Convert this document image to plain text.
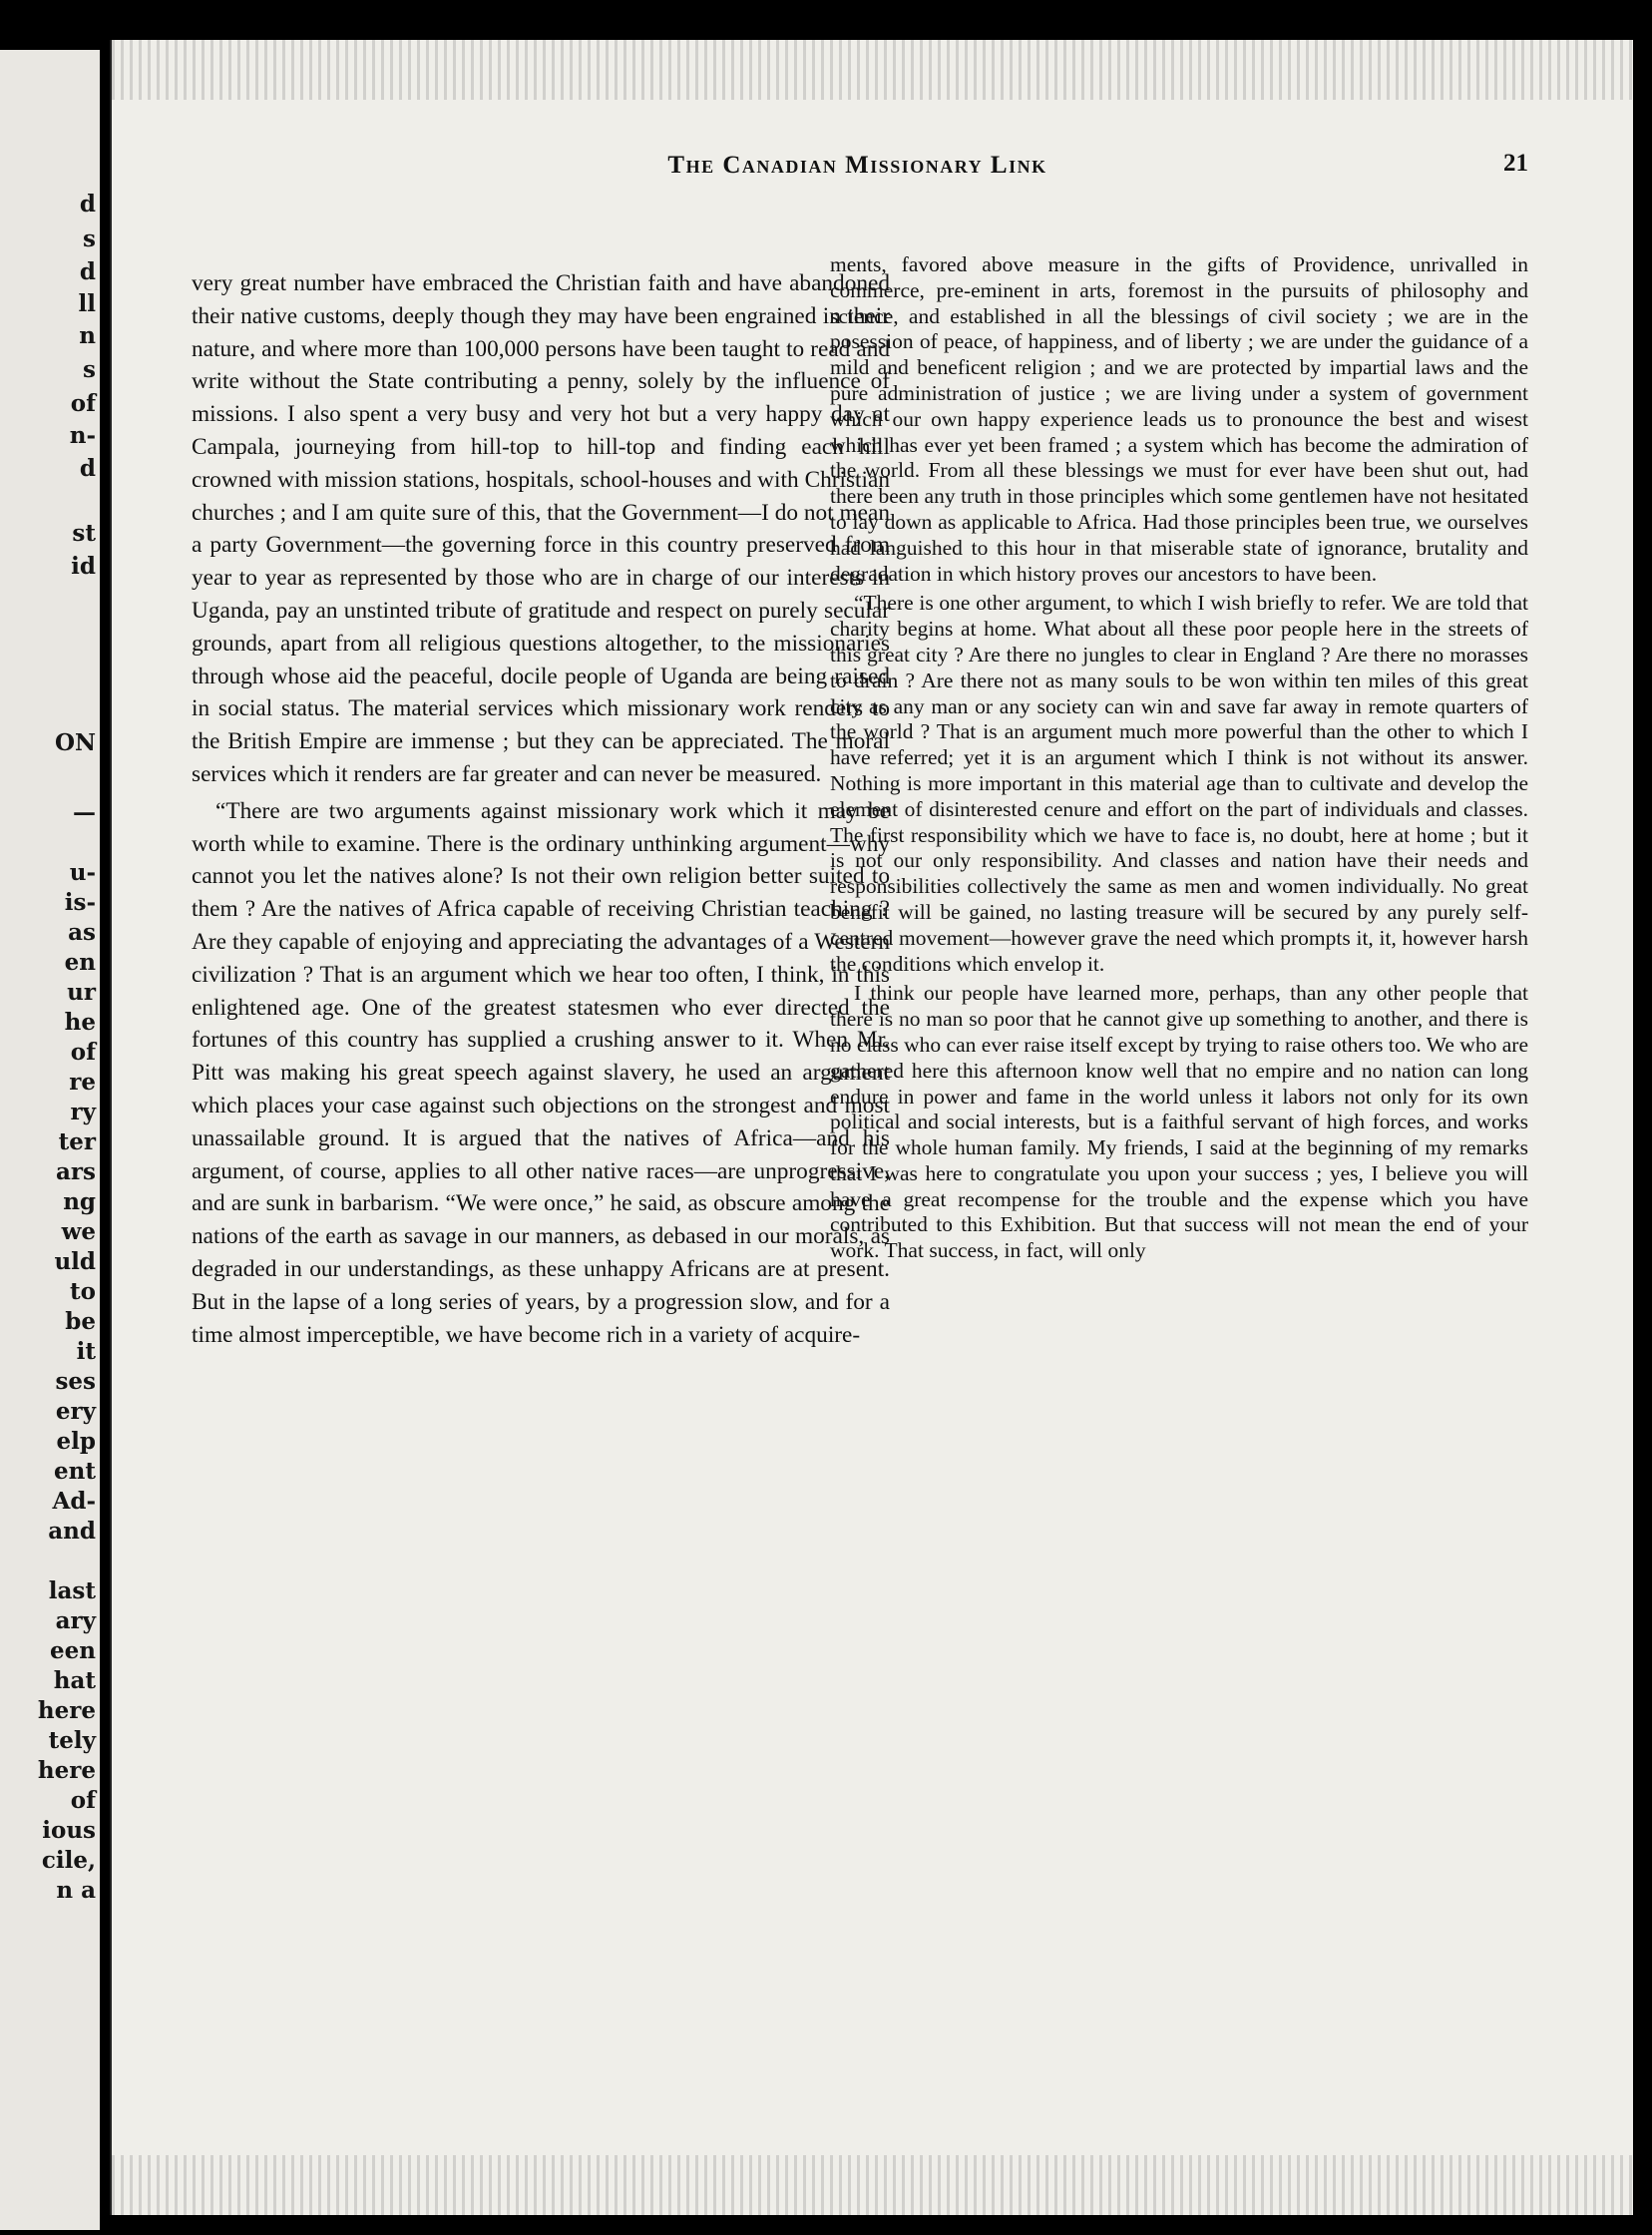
d
s
d
ll
n
s
of
n-
d
st
id
ON
—
u-
is-
as
en
ur
he
of
re
ry
ter
ars
ng
we
uld
to
be
it
ses
ery
elp
ent
Ad-
and
last
ary
een
hat
here
tely
here
of
ious
cile,
n a
The Canadian Missionary Link	21

very great number have embraced the Christian faith and have abandoned their native customs, deeply though they may have been engrained in their nature, and where more than 100,000 persons have been taught to read and write without the State contributing a penny, solely by the influence of missions. I also spent a very busy and very hot but a very happy day at Campala, journeying from hill-top to hill-top and finding each hill crowned with mission stations, hospitals, school-houses and with Christian churches ; and I am quite sure of this, that the Government—I do not mean a party Government—the governing force in this country preserved from year to year as represented by those who are in charge of our interests in Uganda, pay an unstinted tribute of gratitude and respect on purely secular grounds, apart from all religious questions altogether, to the missionaries through whose aid the peaceful, docile people of Uganda are being raised in social status. The material services which missionary work renders to the British Empire are immense ; but they can be appreciated. The moral services which it renders are far greater and can never be measured.

“There are two arguments against missionary work which it may be worth while to examine. There is the ordinary unthinking argument—why cannot you let the natives alone? Is not their own religion better suited to them ? Are the natives of Africa capable of receiving Christian teaching ? Are they capable of enjoying and appreciating the advantages of a Western civilization ? That is an argument which we hear too often, I think, in this enlightened age. One of the greatest statesmen who ever directed the fortunes of this country has supplied a crushing answer to it. When Mr. Pitt was making his great speech against slavery, he used an argument which places your case against such objections on the strongest and most unassailable ground. It is argued that the natives of Africa—and his argument, of course, applies to all other native races—are unprogressive, and are sunk in barbarism. “We were once,” he said, as obscure among the nations of the earth as savage in our manners, as debased in our morals, as degraded in our understandings, as these unhappy Africans are at present. But in the lapse of a long series of years, by a progression slow, and for a time almost imperceptible, we have become rich in a variety of acquire-

ments, favored above measure in the gifts of Providence, unrivalled in commerce, pre-eminent in arts, foremost in the pursuits of philosophy and science, and established in all the blessings of civil society ; we are in the posession of peace, of happiness, and of liberty ; we are under the guidance of a mild and beneficent religion ; and we are protected by impartial laws and the pure administration of justice ; we are living under a system of government which our own happy experience leads us to pronounce the best and wisest which has ever yet been framed ; a system which has become the admiration of the world. From all these blessings we must for ever have been shut out, had there been any truth in those principles which some gentlemen have not hesitated to lay down as applicable to Africa. Had those principles been true, we ourselves had languished to this hour in that miserable state of ignorance, brutality and degradation in which history proves our ancestors to have been.

“There is one other argument, to which I wish briefly to refer. We are told that charity begins at home. What about all these poor people here in the streets of this great city ? Are there no jungles to clear in England ? Are there no morasses to drain ? Are there not as many souls to be won within ten miles of this great city as any man or any society can win and save far away in remote quarters of the world ? That is an argument much more powerful than the other to which I have referred; yet it is an argument which I think is not without its answer. Nothing is more important in this material age than to cultivate and develop the element of disinterested cenure and effort on the part of individuals and classes. The first responsibility which we have to face is, no doubt, here at home ; but it is not our only responsibility. And classes and nation have their needs and responsibilities collectively the same as men and women individually. No great benefit will be gained, no lasting treasure will be secured by any purely self-centred movement—however grave the need which prompts it, it, however harsh the conditions which envelop it.

I think our people have learned more, perhaps, than any other people that there is no man so poor that he cannot give up something to another, and there is no class who can ever raise itself except by trying to raise others too. We who are gathered here this afternoon know well that no empire and no nation can long endure in power and fame in the world unless it labors not only for its own political and social interests, but is a faithful servant of high forces, and works for the whole human family. My friends, I said at the beginning of my remarks that I was here to congratulate you upon your success ; yes, I believe you will have a great recompense for the trouble and the expense which you have contributed to this Exhibition. But that success will not mean the end of your work. That success, in fact, will only
